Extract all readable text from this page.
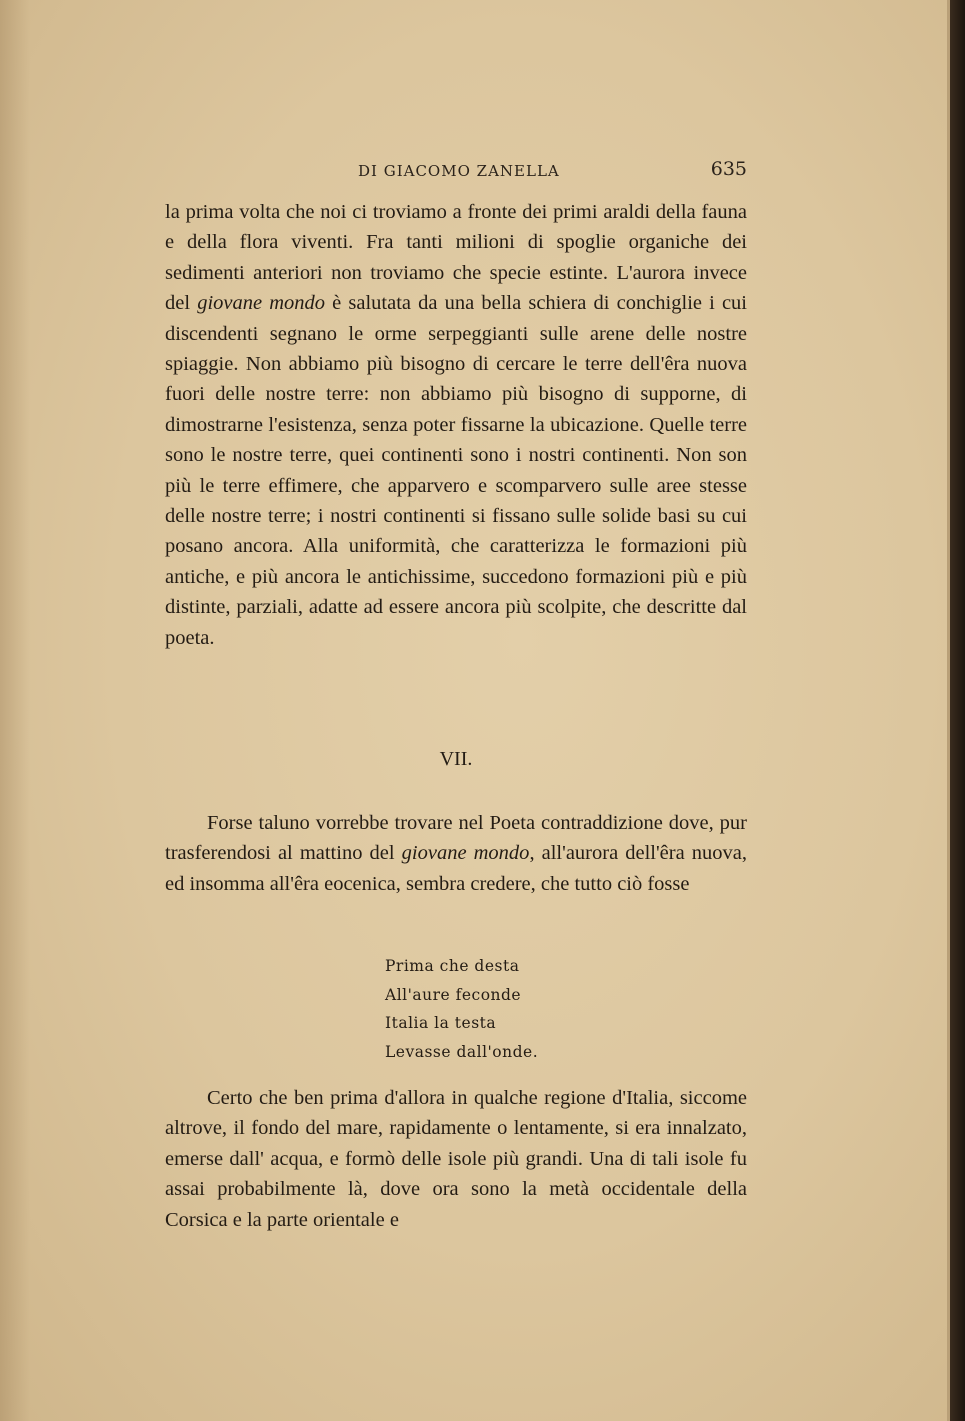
DI GIACOMO ZANELLA	635

la prima volta che noi ci troviamo a fronte dei primi araldi della fauna e della flora viventi. Fra tanti milioni di spoglie organiche dei sedimenti anteriori non troviamo che specie estinte. L'aurora invece del giovane mondo è salutata da una bella schiera di conchiglie i cui discendenti segnano le orme serpeggianti sulle arene delle nostre spiaggie. Non abbiamo più bisogno di cercare le terre dell'êra nuova fuori delle nostre terre: non abbiamo più bisogno di supporne, di dimostrarne l'esistenza, senza poter fissarne la ubicazione. Quelle terre sono le nostre terre, quei continenti sono i nostri continenti. Non son più le terre effimere, che apparvero e scomparvero sulle aree stesse delle nostre terre; i nostri continenti si fissano sulle solide basi su cui posano ancora. Alla uniformità, che caratterizza le formazioni più antiche, e più ancora le antichissime, succedono formazioni più e più distinte, parziali, adatte ad essere ancora più scolpite, che descritte dal poeta.

VII.

Forse taluno vorrebbe trovare nel Poeta contraddizione dove, pur trasferendosi al mattino del giovane mondo, all'aurora dell'êra nuova, ed insomma all'êra eocenica, sembra credere, che tutto ciò fosse

Prima che desta
All'aure feconde
Italia la testa
Levasse dall'onde.

Certo che ben prima d'allora in qualche regione d'Italia, siccome altrove, il fondo del mare, rapidamente o lentamente, si era innalzato, emerse dall' acqua, e formò delle isole più grandi. Una di tali isole fu assai probabilmente là, dove ora sono la metà occidentale della Corsica e la parte orientale e
